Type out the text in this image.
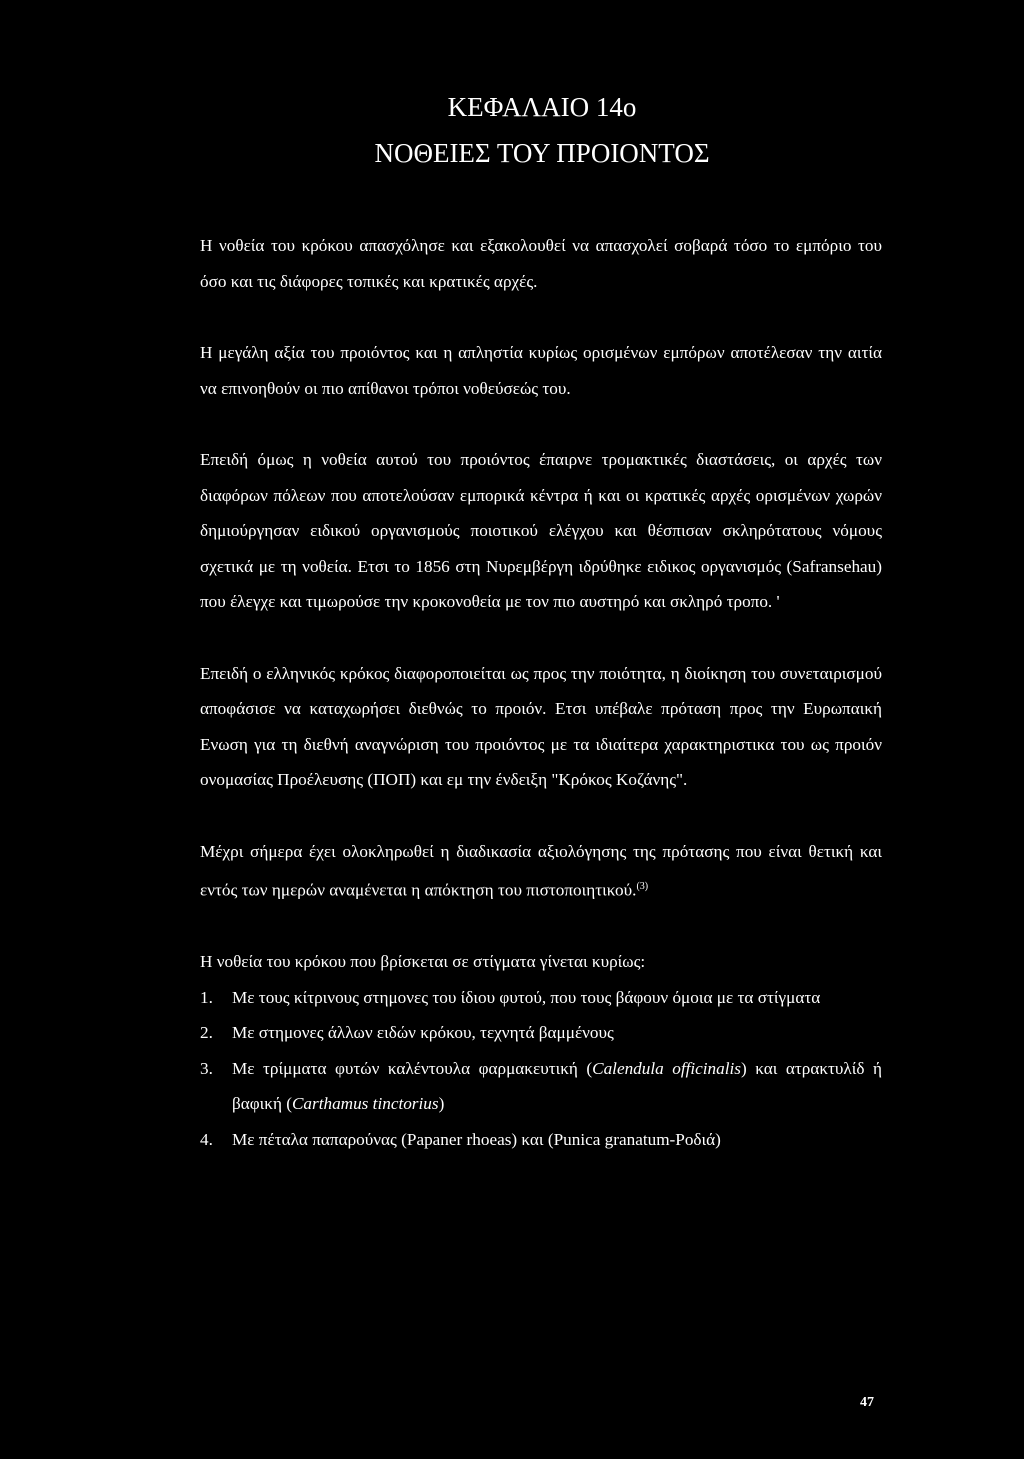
ΚΕΦΑΛΑΙΟ 14ο
ΝΟΘΕΙΕΣ ΤΟΥ ΠΡΟΙΟΝΤΟΣ

Η νοθεία του κρόκου απασχόλησε και εξακολουθεί να απασχολεί σοβαρά τόσο το εμπόριο του όσο και τις διάφορες τοπικές και κρατικές αρχές.

Η μεγάλη αξία του προιόντος και η απληστία κυρίως ορισμένων εμπόρων αποτέλεσαν την αιτία να επινοηθούν οι πιο απίθανοι τρόποι νοθεύσεώς του.

Επειδή όμως η νοθεία αυτού του προιόντος έπαιρνε τρομακτικές διαστάσεις, οι αρχές των διαφόρων πόλεων που αποτελούσαν εμπορικά κέντρα ή και οι κρατικές αρχές ορισμένων χωρών δημιούργησαν ειδικού οργανισμούς ποιοτικού ελέγχου και θέσπισαν σκληρότατους νόμους σχετικά με τη νοθεία. Ετσι το 1856 στη Νυρεμβέργη ιδρύθηκε ειδικος οργανισμός (Safransehau) που έλεγχε και τιμωρούσε την κροκονοθεία με τον πιο αυστηρό και σκληρό τροπο. '

Επειδή ο ελληνικός κρόκος διαφοροποιείται ως προς την ποιότητα, η διοίκηση του συνεταιρισμού αποφάσισε να καταχωρήσει διεθνώς το προιόν. Ετσι υπέβαλε πρόταση προς την Ευρωπαική Ενωση για τη διεθνή αναγνώριση του προιόντος με τα ιδιαίτερα χαρακτηριστικα του ως προιόν ονομασίας Προέλευσης (ΠΟΠ) και εμ την ένδειξη "Κρόκος Κοζάνης".

Μέχρι σήμερα έχει ολοκληρωθεί η διαδικασία αξιολόγησης της πρότασης που είναι θετική και εντός των ημερών αναμένεται η απόκτηση του πιστοποιητικού.$^{(3)}$

Η νοθεία του κρόκου που βρίσκεται σε στίγματα γίνεται κυρίως:

1.	Με τους κίτρινους στημονες του ίδιου φυτού, που τους βάφουν όμοια με τα στίγματα
2.	Με στημονες άλλων ειδών κρόκου, τεχνητά βαμμένους
3.	Με τρίμματα φυτών καλέντουλα φαρμακευτική (Calendula officinalis) και ατρακτυλίδ ή βαφική (Carthamus tinctorius)
4.	Με πέταλα παπαρούνας (Papaner rhoeas) και (Punica granatum-Ροδιά)
47
